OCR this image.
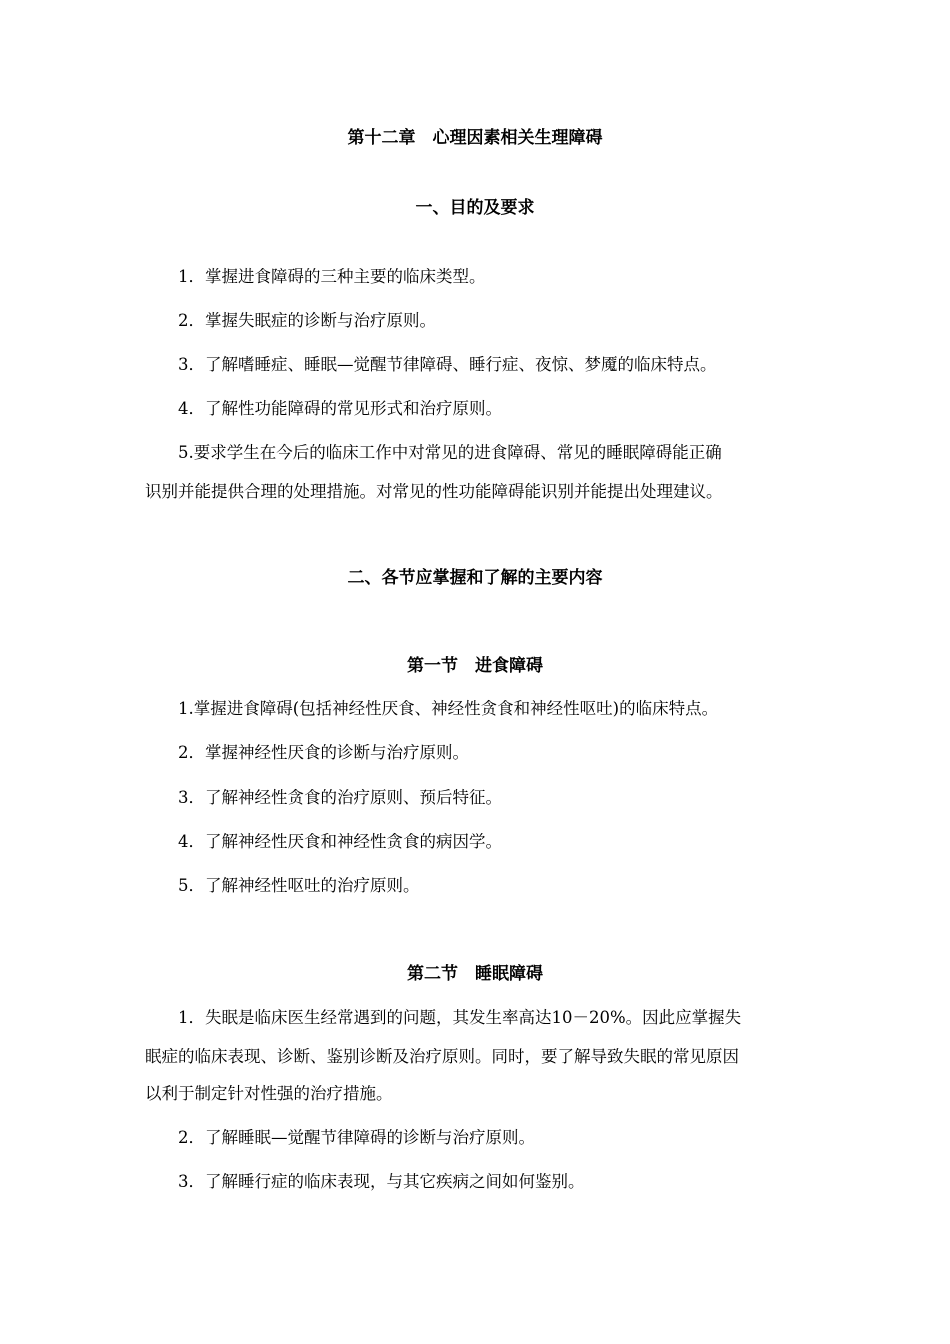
第十二章　心理因素相关生理障碍
一、目的及要求
1．掌握进食障碍的三种主要的临床类型。
2．掌握失眠症的诊断与治疗原则。
3．了解嗜睡症、睡眠—觉醒节律障碍、睡行症、夜惊、梦魇的临床特点。
4．了解性功能障碍的常见形式和治疗原则。
5.要求学生在今后的临床工作中对常见的进食障碍、常见的睡眠障碍能正确
识别并能提供合理的处理措施。对常见的性功能障碍能识别并能提出处理建议。
二、各节应掌握和了解的主要内容
第一节　进食障碍
1.掌握进食障碍(包括神经性厌食、神经性贪食和神经性呕吐)的临床特点。
2．掌握神经性厌食的诊断与治疗原则。
3．了解神经性贪食的治疗原则、预后特征。
4．了解神经性厌食和神经性贪食的病因学。
5．了解神经性呕吐的治疗原则。
第二节　睡眠障碍
1．失眠是临床医生经常遇到的问题，其发生率高达10－20%。因此应掌握失
眠症的临床表现、诊断、鉴别诊断及治疗原则。同时，要了解导致失眠的常见原因
以利于制定针对性强的治疗措施。
2．了解睡眠—觉醒节律障碍的诊断与治疗原则。
3．了解睡行症的临床表现，与其它疾病之间如何鉴别。
